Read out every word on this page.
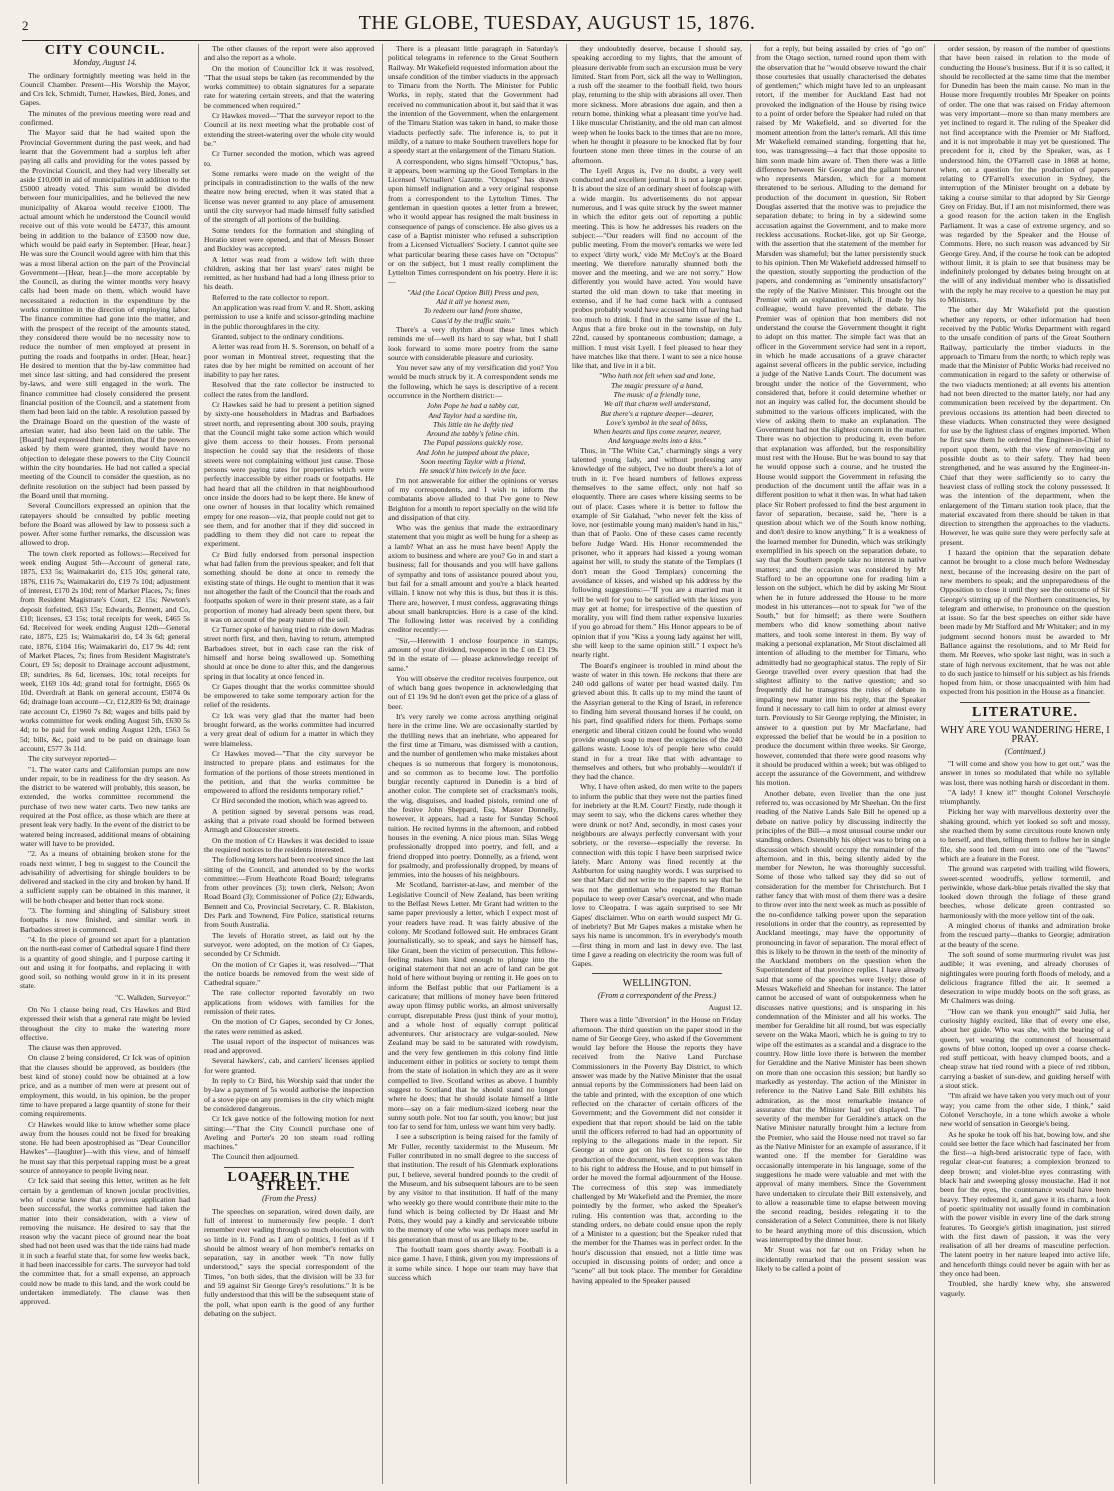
2	THE GLOBE, TUESDAY, AUGUST 15, 1876.
CITY COUNCIL.
Monday, August 14.

The ordinary fortnightly meeting was held in the Council Chamber. Present—His Worship the Mayor, and Crs Ick, Schmidt, Turner, Hawkes, Bird, Jones, and Gapes.

The minutes of the previous meeting were read and confirmed.

The Mayor said that he had waited upon the Provincial Government during the past week, and had learnt that the Government had a surplus left after paying all calls and providing for the votes passed by the Provincial Council, and they had very liberally set aside £10,000 in aid of municipalities in addition to the £5000 already voted. This sum would be divided between four municipalities, and he believed the new municipality of Akaroa would receive £1000. The actual amount which he understood the Council would receive out of this vote would be £4737, this amount being in addition to the balance of £3500 now due, which would be paid early in September. [Hear, hear.] He was sure the Council would agree with him that this was a most liberal action on the part of the Provincial Government—[Hear, hear.]—the more acceptable by the Council, as during the winter months very heavy calls had been made on them, which would have necessitated a reduction in the expenditure by the works committee in the direction of employing labor. The finance committee had gone into the matter, and with the prospect of the receipt of the amounts stated, they considered there would be no necessity now to reduce the number of men employed at present in putting the roads and footpaths in order. [Hear, hear.] He desired to mention that the by-law committee had met since last sitting, and had considered the present by-laws, and were still engaged in the work. The finance committee had closely considered the present financial position of the Council, and a statement from them had been laid on the table. A resolution passed by the Drainage Board on the question of the waste of artesian water, had also been laid on the table. The [Board] had expressed their intention, that if the powers asked by them were granted, they would have no objection to delegate these powers to the City Council within the city boundaries. He had not called a special meeting of the Council to consider the question, as no definite resolution on the subject had been passed by the Board until that morning.

Several Councillors expressed an opinion that the ratepayers should be consulted by public meeting before the Board was allowed by law to possess such a power. After some further remarks, the discussion was allowed to drop.

The town clerk reported as follows:—Received for week ending August 5th—Account of general rate, 1875, £33 5s; Waimakariri do, £15 10s; general rate, 1876, £116 7s; Waimakariri do, £19 7s 10d; adjustment of interest, £170 2s 10d; rent of Market Places, 7s; fines from Resident Magistrate's Court, £2 15s; Newton's deposit forfeited, £63 15s; Edwards, Bennett, and Co, £10; licenses, £3 15s; total receipts for week, £465 5s 6d. Received for week ending August 12th—General rate, 1875, £25 1s; Waimakariri do, £4 3s 6d; general rate, 1876, £104 16s; Waimakariri do, £17 9s 4d; rent of Market Places, 7s; fines from Resident Magistrate's Court, £9 5s; deposit to Drainage account adjustment, £8; sundries, 8s 6d, licenses, 10s; total receipts for week, £169 10s 4d; grand total for fortnight, £665 0s 10d. Overdraft at Bank on general account, £5074 0s 6d; drainage loan account—Cr, £12,839 6s 9d; drainage rate account Cr, £1960 7s 8d; wages and bills paid by works committee for week ending August 5th, £630 5s 4d; to be paid for week ending August 12th, £563 5s 5d; bills, &c, paid and to be paid on drainage loan account, £577 3s 11d.

The city surveyor reported—

"1. The water carts and Californian pumps are now under repair, to be in readiness for the dry season. As the district to be watered will probably, this season, be extended, the works committee recommend the purchase of two new water carts. Two new tanks are required at the Post office, as those which are there at present leak very badly. In the event of the district to be watered being increased, additional means of obtaining water will have to be provided.

"2. As a means of obtaining broken stone for the roads next winter, I beg to suggest to the Council the advisability of advertising for shingle boulders to be delivered and stacked in the city and broken by hand. If a sufficient supply can be obtained in this manner, it will be both cheaper and better than rock stone.

"3. The forming and shingling of Salisbury street footpaths is now finished, and similar work in Barbadoes street is commenced.

"4. In the piece of ground set apart for a plantation on the north-east corner of Cathedral square I find there is a quantity of good shingle, and I purpose carting it out and using it for footpaths, and replacing it with good soil, so nothing would grow in it in its present state.

"C. Walkden, Surveyor."

On No 1 clause being read, Crs Hawkes and Bird expressed their wish that a general rate might be levied throughout the city to make the watering more effective.

The clause was then approved.

On clause 2 being considered, Cr Ick was of opinion that the clauses should be approved, as boulders (the best kind of stone) could now be obtained at a low price, and as a number of men were at present out of employment, this would, in his opinion, be the proper time to have prepared a large quantity of stone for their coming requirements.

Cr Hawkes would like to know whether some place away from the houses could not be fixed for breaking stone. He had been apostrophised as "Dear Councillor Hawkes"—[laughter]—with this view, and of himself he must say that this perpetual rapping must be a great source of annoyance to people living near.

Cr Ick said that seeing this letter, written as he felt certain by a gentleman of known jocular proclivities, who of course knew that a previous application had been successful, the works committee had taken the matter into their consideration, with a view of removing the nuisance. He desired to say that the reason why the vacant piece of ground near the boat shed had not been used was that the tide rains had made it in such a fearful state that, for some few weeks back, it had been inaccessible for carts. The surveyor had told the committee that, for a small expense, an approach could now be made to this land, and the work could be undertaken immediately. The clause was then approved.

The other clauses of the report were also approved and also the report as a whole.

On the motion of Councillor Ick it was resolved, "That the usual steps be taken (as recommended by the works committee) to obtain signatures for a separate rate for watering certain streets, and that the watering be commenced when required."

Cr Hawkes moved—"That the surveyor report to the Council at its next meeting what the probable cost of extending the street-watering over the whole city would be."

Cr Turner seconded the motion, which was agreed to.

Some remarks were made on the weight of the principals in contradistinction to the walls of the new theatre now being erected, when it was stated that a license was never granted to any place of amusement until the city surveyor had made himself fully satisfied of the strength of all portions of the building.

Some tenders for the formation and shingling of Horatio street were opened, and that of Messrs Bosser and Buckley was accepted.

A letter was read from a widow left with three children, asking that her last years' rates might be remitted, as her husband had had a long illness prior to his death.

Referred to the rate collector to report.

An application was read from V. and R. Shott, asking permission to use a knife and scissor-grinding machine in the public thoroughfares in the city.

Granted, subject to the ordinary conditions.

A letter was read from H. S. Sorenson, on behalf of a poor woman in Montreal street, requesting that the rates due by her might be remitted on account of her inability to pay her rates.

Resolved that the rate collector be instructed to collect the rates from the landlord.

Cr Hawkes said he had to present a petition signed by sixty-one householders in Madras and Barbadoes street north, and representing about 300 souls, praying that the Council might take some action which would give them access to their houses. From personal inspection he could say that the residents of those streets were not complaining without just cause. Those persons were paying rates for properties which were perfectly inaccessible by either roads or footpaths. He had heard that all the children in that neighbourhood once inside the doors had to be kept there. He knew of one owner of houses in that locality which remained empty for one reason—viz, that people could not get to see them, and for another that if they did succeed in paddling to them they did not care to repeat the experiment.

Cr Bird fully endorsed from personal inspection what had fallen from the previous speaker, and felt that something should be done at once to remedy the existing state of things. He ought to mention that it was not altogether the fault of the Council that the roads and footpaths spoken of were in their present state, as a fair proportion of money had already been spent there, but it was on account of the peaty nature of the soil.

Cr Turner spoke of having tried to ride down Madras street north first, and then, having to return, attempted Barbadoes street, but in each case ran the risk of himself and horse being swallowed up. Something should at once be done to alter this, and the dangerous spring in that locality at once fenced in.

Cr Gapes thought that the works committee should be empowered to take some temporary action for the relief of the residents.

Cr Ick was very glad that the matter had been brought forward, as the works committee had incurred a very great deal of odium for a matter in which they were blameless.

Cr Hawkes moved—"That the city surveyor be instructed to prepare plans and estimates for the formation of the portions of those streets mentioned in the petition, and that the works committee be empowered to afford the residents temporary relief."

Cr Bird seconded the motion, which was agreed to.

A petition signed by several persons was read, asking that a private road should be formed between Armagh and Gloucester streets.

On the motion of Cr Hawkes it was decided to issue the required notices to the residents interested.

The following letters had been received since the last sitting of the Council, and attended to by the works committee:—From Heathcote Road Board; telegrams from other provinces (3); town clerk, Nelson; Avon Road Board (3); Commissioner of Police (2); Edwards, Bennett and Co, Provincial Secretary, C. R. Blakiston, Drs Park and Townend, Fire Police, statistical returns from South Australia.

The levels of Horatio street, as laid out by the surveyor, were adopted, on the motion of Cr Gapes, seconded by Cr Schmidt.

On the motion of Cr Gapes it, was resolved—"That the notice boards be removed from the west side of Cathedral square."

The rate collector reported favorably on two applications from widows with families for the remission of their rates.

On the motion of Cr Gapes, seconded by Cr Jones, the rates were remitted as asked.

The usual report of the inspector of nuisances was read and approved.

Several hawkers', cab, and carriers' licenses applied for were granted.

In reply to Cr Bird, his Worship said that under the by-law a payment of 5s would authorise the inspection of a stove pipe on any premises in the city which might be considered dangerous.

Cr Ick gave notice of the following motion for next sitting:—"That the City Council purchase one of Aveling and Porter's 20 ton steam road rolling machines."

The Council then adjourned.

LOAFER IN THE STREET.
(From the Press)

The speeches on separation, wired down daily, are full of interest to numerously few people. I don't remember ever wading through so much elocution with so little in it. Fond as I am of politics, I feel as if I should be almost weary of hon member's remarks on separation, say in another week "I'n now fully understood," says the special correspondent of the Times, "on both sides, that the division will be 33 for and 59 against Sir George Grey's resolutions." It is be fully understood that this will be the subsequent state of the poll, what upon earth is the good of any further debating on the subject.

There is a pleasant little paragraph in Saturday's political telegrams in reference to the Great Southern Railway. Mr Wakefield requested information about the unsafe condition of the timber viaducts in the approach to Timaru from the North. The Minister for Public Works, in reply, stated that the Government had received no communication about it, but said that it was the intention of the Government, when the enlargement of the Timaru Station was taken in hand, to make those viaducts perfectly safe. The inference is, to put it mildly, of a nature to make Southern travellers hope for a speedy start at the enlargement of the Timaru Station.

A correspondent, who signs himself "Octopus," has, it appears, been warming up the Good Templars in the Licensed Victuallers' Gazette. "Octopus" has drawn upon himself indignation and a very original response from a correspondent to the Lyttelton Times. The gentleman in question quotes a letter from a brewer, who it would appear has resigned the malt business in consequence of pangs of conscience. He also gives us a case of a Baptist minister who refused a subscription from a Licensed Victuallers' Society. I cannot quite see what particular bearing these cases have on "Octopus" or on the subject, but I must really compliment the Lyttelton Times correspondent on his poetry. Here it is:—

"Aid (the Local Option Bill) Press and pen,

Aid it all ye honest men,

To redeem our land from shame,

Caus'd by the traffic stain."

There's a very rhythm about these lines which reminds me of—well its hard to say what, but I shall look forward to some more poetry from the same source with considerable pleasure and curiosity.

You never saw any of my versification did you? You would be much struck by it. A correspondent sends me the following, which he says is descriptive of a recent occurrence in the Northern district:—

John Pope he had a tabby cat,

And Taylor had a sardine tin,

This little tin he deftly tied

Around the tabby's feline chin.

The Papal passions quickly rose,

And John he jumped about the place,

Soon meeting Taylor with a friend,

He smack'd him twicely in the face.

I'm not answerable for either the opinions or verses of my correspondents, and I wish to inform the combatants above alluded to that I've gone to New Brighton for a month to report specially on the wild life and dissipation of that city.

Who was the genius that made the extraordinary statement that you might as well be hung for a sheep as a lamb? What an ass he must have been! Apply the axiom to business and where are you? Go in and start a business; fail for thousands and you will have gallons of sympathy and tons of assistance poured about you, but fail for a small amount and you're a black hearted villain. I know not why this is thus, but thus it is this. There are, however, I must confess, aggravating things about small bankruptcies. Here is a case of the kind. The following letter was received by a confiding creditor recently:—

"Sir,—Herewith I enclose fourpence in stamps, amount of your dividend, twopence in the £ on £1 19s 9d in the estate of — please acknowledge receipt of same."

You will observe the creditor receives fourpence, out of which bang goes twopence in acknowledging that out of £1 19s 9d he don't even get the price of a glass of beer.

It's very rarely we come across anything original here in the crime line. We are occasionally startled by the thrilling news that an inebriate, who appeared for the first time at Timaru, was dismissed with a caution, and the number of gentlemen who make mistakes about cheques is so numerous that forgery is monotonous, and so common as to become low. The portfolio burglar recently captured in Dunedin is a bird of another color. The complete set of cracksman's tools, the wig, disguises, and loaded pistols, remind one of the festive John Sheppard, Esq. Master Donnelly, however, it appears, had a taste for Sunday School tuition. He recited hymns in the afternoon, and robbed houses in the evening. A nice pious man. Silas Wegg professionally dropped into poetry, and fell, and a friend dropped into poetry. Donnelly, as a friend, went for psalmody, and professionally dropped, by means of jemmies, into the houses of his neighbours.

Mr Scotland, barrister-at-law, and member of the Legislative Council of New Zealand, has been writing to the Belfast News Letter. Mr Grant had written to the same paper previously a letter, which I expect most of your readers have read. It was fairly abusive of the colony. Mr Scotland followed suit. He embraces Grant journalistically, so to speak, and says he himself has, like Grant, been the victim of persecution. This fellow-feeling makes him kind enough to plunge into the original statement that not an acre of land can be got hold of here without buying or renting it. He goes on to inform the Belfast public that our Parliament is a caricature; that millions of money have been frittered away upon flimsy public works, an almost universally corrupt, disreputable Press (just think of your motto), and a whole host of equally corrupt political adventurers. Our aristocracy are vulgar-souled. New Zealand may be said to be saturated with rowdyism, and the very few gentlemen in this colony find little inducement either in politics or society to tempt them from the state of isolation in which they are as it were compelled to live. Scotland writes as above. I humbly suggest to Scotland that he should stand no longer where he does; that he should isolate himself a little more—say on a fair medium-sized iceberg near the sunny south pole. Not too far south, you know; but just too far to send for him, unless we want him very badly.

I see a subscription is being raised for the family of Mr Fuller, recently taxidermist to the Museum. Mr Fuller contributed in no small degree to the success of that institution. The result of his Glenmark explorations put, I believe, several hundred pounds to the credit of the Museum, and his subsequent labours are to be seen by any visitor to that institution. If half of the many who weekly go there would contribute their mite to the fund which is being collected by Dr Haast and Mr Potts, they would pay a kindly and serviceable tribute to the memory of one who was perhaps more useful in his generation than most of us are likely to be.

The football team goes shortly away. Football is a nice game. I have, I think, given you my impressions of it some while since. I hope our team may have that success which

they undoubtedly deserve, because I should say, speaking according to my lights, that the amount of pleasure derivable from such an excursion must be very limited. Start from Port, sick all the way to Wellington, a rush off the steamer to the football field, two hours play, returning to the ship with abrasions all over. Then more sickness. More abrasions due again, and then a return home, thinking what a pleasant time you've had. I like muscular Christianity, and the old man can almost weep when he looks back to the times that are no more, when he thought it pleasure to be knocked flat by four fourteen stone men three times in the course of an afternoon.

The Lyell Argus is, I've no doubt, a very well conducted and excellent journal. It is not a large paper. It is about the size of an ordinary sheet of foolscap with a wide margin. Its advertisements do not appear numerous, and I was quite struck by the sweet manner in which the editor gets out of reporting a public meeting. This is how he addresses his readers on the subject:—"Our readers will find no account of the public meeting. From the mover's remarks we were led to expect 'dirty work,' vide Mr McCoy's at the Board meeting. We therefore naturally shunned both the mover and the meeting, and we are not sorry." How differently you would have acted. You would have started the old man down to take that meeting in extenso, and if he had come back with a contused probos probably would have accused him of having had too much to drink. I find in the same issue of the L. Argus that a fire broke out in the township, on July 22nd, caused by spontaneous combustion; damage, a million. I must visit Lyell. I feel pleased to hear they have matches like that there. I want to see a nice house like that, and live in it a bit.

"Who hath not felt when sad and lone,

The magic pressure of a hand,

The music of a friendly tone,

We all that charm well understand,

But there's a rapture deeper—dearer,

Love's symbol in the seal of bliss,

When hearts and lips come nearer, nearer,

And language melts into a kiss."

Thus, in "The White Cat," charmingly sings a very talented young lady, and without professing any knowledge of the subject, I've no doubt there's a lot of truth in it. I've heard numbers of fellows express themselves to the same effect, only not half so eloquently. There are cases where kissing seems to be out of place. Cases where it is better to follow the example of Sir Galahad, "who never felt the kiss of love, nor (estimable young man) maiden's hand in his," than that of Paolo. One of these cases came recently before Judge Ward. His Honor recommended the prisoner, who it appears had kissed a young woman against her will, to study the statute of the Templars (I don't mean the Good Templars) concerning the avoidance of kisses, and wished up his address by the following suggestions:—"If you are a married man it will be well for you to be satisfied with the kisses you may get at home; for irrespective of the question of morality, you will find them rather expensive luxuries if you go abroad for them." His Honor appears to be of opinion that if you "Kiss a young lady against her will, she will keep to the same opinion still." I expect he's nearly right.

The Board's engineer is troubled in mind about the waste of water in this town. He reckons that there are 240 odd gallons of water per head wasted daily. I'm grieved about this. It calls up to my mind the taunt of the Assyrian general to the King of Israel, in reference to finding him several thousand horses if he could, on his part, find qualified riders for them. Perhaps some energetic and liberal citizen could be found who would provide enough soap to meet the exigencies of the 240 gallons waste. Loose lo's of people here who could stand in for a treat like that with advantage to themselves and others, but who probably—wouldn't if they had the chance.

Why, I have often asked, do men write to the papers to inform the public that they were not the parties fined for inebriety at the R.M. Court? Firstly, rude though it may seem to say, who the dickens cares whether they were drunk or not? And, secondly, in most cases your neighbours are always perfectly conversant with your sobriety, or the reverse—especially the reverse. In connection with this topic I have been surprised twice lately. Marc Antony was fined recently at the Ashburton for using naughty words. I was surprised to see that Marc did not write to the papers to say that he was not the gentleman who requested the Roman populace to weep over Cæsar's overcoat, and who made love to Cleopatra. I was again surprised to see Mr Gapes' disclaimer. Who on earth would suspect Mr G. of inebriety? But Mr Gapes makes a mistake when he says his name is uncommon. It's in everybody's mouth—first thing in morn and last in dewy eve. The last time I gave a reading on electricity the room was full of Gapes.

WELLINGTON.
(From a correspondent of the Press.)
August 12.

There was a little "diversion" in the House on Friday afternoon. The third question on the paper stood in the name of Sir George Grey, who asked if the Government would lay before the House the reports they have received from the Native Land Purchase Commissioners in the Poverty Bay District, to which answer was made by the Native Minister that the usual annual reports by the Commissioners had been laid on the table and printed, with the exception of one which reflected on the character of certain officers of the Government; and the Government did not consider it expedient that that report should be laid on the table until the officers referred to had had an opportunity of replying to the allegations made in the report. Sir George at once got on his feet to press for the production of the document, when exception was taken to his right to address the House, and to put himself in order he moved the formal adjournment of the House. The correctness of this step was immediately challenged by Mr Wakefield and the Premier, the more pointedly by the former, who asked the Speaker's ruling. His contention was that, according to the standing orders, no debate could ensue upon the reply of a Minister to a question; but the Speaker ruled that the member for the Thames was in perfect order. In the hour's discussion that ensued, not a little time was occupied in discussing points of order; and once a "scene" all but took place. The member for Geraldine having appealed to the Speaker paused

for a reply, but being assailed by cries of "go on" from the Otago section, turned round upon them with the observation that he "would observe toward the chair those courtesies that usually characterised the debates of gentlemen;" which might have led to an unpleasant retort, if the member for Auckland East had not provoked the indignation of the House by rising twice to a point of order before the Speaker had ruled on that raised by Mr Wakefield, and so diverted for the moment attention from the latter's remark. All this time Mr Wakefield remained standing, forgetting that he, too, was transgressing—a fact that those opposite to him soon made him aware of. Then there was a little difference between Sir George and the gallant baronet who represents Marsden, which for a moment threatened to be serious. Alluding to the demand for production of the document in question, Sir Robert Douglas asserted that the motive was to prejudice the separation debate; to bring in by a sidewind some accusation against the Government, and to make more reckless accusations. Rocket-like, got up Sir George, with the assertion that the statement of the member for Marsden was shameful; but the latter persistently stuck to his opinion. Then Mr Wakefield addressed himself to the question, stoutly supporting the production of the papers, and condemning as "eminently unsatisfactory" the reply of the Native Minister. This brought out the Premier with an explanation, which, if made by his colleague, would have prevented the debate. The Premier was of opinion that hon members did not understand the course the Government thought it right to adopt on this matter. The simple fact was that an officer in the Government service had sent in a report, in which he made accusations of a grave character against several officers in the public service, including a judge of the Native Lands Court. The document was brought under the notice of the Government, who considered that, before it could determine whether or not an inquiry was called for, the document should be submitted to the various officers implicated, with the view of asking them to make an explanation. The Government had not the slightest concern in the matter. There was no objection to producing it, even before that explanation was afforded, but the responsibility must rest with the House. But he was bound to say that he would oppose such a course, and he trusted the House would support the Government in refusing the production of the document until the affair was in a different position to what it then was. In what had taken place Sir Robert professed to find the best argument in favor of separation, because, said he, "here is a question about which we of the South know nothing, and don't desire to know anything." It is a weakness of the learned member for Dunedin, which was strikingly exemplified in his speech on the separation debate, to say that the Southern people take no interest in native matters; and the occasion was considered by Mr Stafford to be an opportune one for reading him a lesson on the subject, which he did by asking Mr Stout when he in future addressed the House to be more modest in his utterances—not to speak for "we of the South," but for himself; as there were Southern members who did know something about native matters, and took some interest in them. By way of making a personal explanation, Mr Stout disclaimed all intention of alluding to the member for Timaru, who admittedly had no geographical status. The reply of Sir George travelled over every question that had the slightest affinity to the native question; and so frequently did he transgress the rules of debate in impaling new matter into his reply, that the Speaker found it necessary to call him to order at almost every turn. Previously to Sir George replying, the Minister, in answer to a question put by Mr Macfarlane, had expressed the belief that he would be in a position to produce the document within three weeks. Sir George, however, contended that there were good reasons why it should be produced within a week; but was obliged to accept the assurance of the Government, and withdrew his motion.

Another debate, even livelier than the one just referred to, was occasioned by Mr Sheehan. On the first reading of the Native Lands Sale Bill he opened up a debate on native policy by discussing indirectly the principles of the Bill—a most unusual course under our standing orders. Ostensibly his object was to bring on a discussion which should occupy the remainder of the afternoon, and in this, being silently aided by the member for Newton, he was thoroughly successful. Some of those who talked say they did so out of consideration for the member for Christchurch. But I rather fancy that with most of them there was a desire to throw over into the next week as much as possible of the no-confidence talking power upon the separation resolutions in order that the country, as represented by Auckland meetings, may have the opportunity of pronouncing in favor of separation. The moral effect of this is likely to be thrown in the teeth of the minority of the Auckland members on the question when the Superintendent of that province replies. I have already said that some of the speeches were lively; those of Messrs Wakefield and Sheehan for instance. The latter cannot be accused of want of outspokenness when he discusses native questions; and is unsparing in his condemnation of the Minister and all his works. The member for Geraldine hit all round, but was especially severe on the Waka Maori, which he is going to try to wipe off the estimates as a scandal and a disgrace to the country. How little love there is between the member for Geraldine and the Native Minister has been shown on more than one occasion this session; but hardly so markedly as yesterday. The action of the Minister in reference to the Native Land Sale Bill exhibits his admiration, as the most remarkable instance of assurance that the Minister had yet displayed. The severity of the member for Geraldine's attack on the Native Minister naturally brought him a lecture from the Premier, who said the House need not travel so far as the Native Minister for an example of assurance, if it wanted one. If the member for Geraldine was occasionally intemperate in his language, some of the suggestions he made were valuable and met with the approval of many members. Since the Government have undertaken to circulate their Bill extensively, and to allow a reasonable time to elapse between moving the second reading, besides relegating it to the consideration of a Select Committee, there is not likely to be heard anything more of this discussion, which was interrupted by the dinner hour.

Mr Stout was not far out on Friday when he incidentally remarked that the present session was likely to be called a point of

order session, by reason of the number of questions that have been raised in relation to the mode of conducting the House's business. But if it is so called, it should be recollected at the same time that the member for Dunedin has been the main cause. No man in the House more frequently troubles Mr Speaker on points of order. The one that was raised on Friday afternoon was very important—more so than many members are yet inclined to regard it. The ruling of the Speaker did not find acceptance with the Premier or Mr Stafford, and it is not improbable it may yet be questioned. The precedent for it, cited by the Speaker, was, as I understood him, the O'Farrell case in 1868 at home, when, on a question for the production of papers relating to O'Farrell's execution in Sydney, the interruption of the Minister brought on a debate by taking a course similar to that adopted by Sir George Grey on Friday. But, if I am not misinformed, there was a good reason for the action taken in the English Parliament. It was a case of extreme urgency, and so was regarded by the Speaker and the House of Commons. Here, no such reason was advanced by Sir George Grey. And, if the course he took can be adopted without limit, it is plain to see that business may be indefinitely prolonged by debates being brought on at the will of any individual member who is dissatisfied with the reply he may receive to a question he may put to Ministers.

The other day Mr Wakefield put the question whether any reports, or other information had been received by the Public Works Department with regard to the unsafe condition of parts of the Great Southern Railway, particularly the timber viaducts in the approach to Timaru from the north; to which reply was made that the Minister of Public Works had received no communication in regard to the safety or otherwise of the two viaducts mentioned; at all events his attention had not been directed to the matter lately, nor had any communication been received by the department. On previous occasions its attention had been directed to these viaducts. When constructed they were designed for use by the lightest class of engines imported. When he first saw them he ordered the Engineer-in-Chief to report upon them, with the view of removing any possible doubt as to their safety. They had been strengthened, and he was assured by the Engineer-in-Chief that they were sufficiently so to carry the heaviest class of rolling stock the colony possessed. It was the intention of the department, when the enlargement of the Timaru station took place, that the material excavated from there should be taken in that direction to strengthen the approaches to the viaducts. However, he was quite sure they were perfectly safe at present.

I hazard the opinion that the separation debate cannot be brought to a close much before Wednesday next, because of the increasing desire on the part of new members to speak; and the unpreparedness of the Opposition to close it until they see the outcome of Sir George's stirring up of the Northern constituencies, by telegram and otherwise, to pronounce on the question at issue. So far the best speeches on either side have been made by Mr Stafford and Mr Whitaker; and in my judgment second honors must be awarded to Mr Ballance against the resolutions, and to Mr Reid for them. Mr Reeves, who spoke last night, was in such a state of high nervous excitement, that he was not able to do such justice to himself or his subject as his friends hoped from him, or those unacquainted with him had expected from his position in the House as a financier.

LITERATURE.
WHY ARE YOU WANDERING HERE, I PRAY.
(Continued.)

"I will come and show you how to get out," was the answer in tones so modulated that while no syllable was lost, there was nothing harsh or discordant in them.

"A lady! I knew it!" thought Colonel Verschoyle triumphantly.

Picking her way with marvellous dexterity over the shaking ground, which yet looked so soft and mossy, she reached them by some circuitous route known only to herself, and then, telling them to follow her in single file, she soon led them out into one of the "lawns" which are a feature in the Forest.

The ground was carpeted with trailing wild flowers, sweet-scented woodruffs, yellow tormentil, and periwinkle, whose dark-blue petals rivalled the sky that looked down through the foliage of these grand beeches, whose delicate green contrasted so harmoniously with the more yellow tint of the oak.

A mingled chorus of thanks and admiration broke from the rescued party—thanks to Georgie; admiration at the beauty of the scene.

The soft sound of some murmuring rivulet was just audible; it was evening, and already choruses of nightingales were pouring forth floods of melody, and a delicious fragrance filled the air. It seemed a desecration to wipe muddy boots on the soft grass, as Mr Chalmers was doing.

"How can we thank you enough?" said Julia, her curiosity highly excited, like that of every one else, about her guide. Who was she, with the bearing of a queen, yet wearing the commonest of housemaid gowns of blue cotton, looped up over a coarse check-red stuff petticoat, with heavy clumped boots, and a cheap straw hat tied round with a piece of red ribbon, carrying a basket of sun-dew, and guiding herself with a stout stick.

"I'm afraid we have taken you very much out of your way; you came from the other side, I think," said Colonel Verschoyle, in a tone which awoke a whole new world of sensation in Georgie's being.

As he spoke he took off his hat, bowing low, and she could see better the face which had fascinated her from the first—a high-bred aristocratic type of face, with regular clear-cut features; a complexion bronzed to deep brown; and violet-blue eyes contrasting with black hair and sweeping glossy moustache. Had it not been for the eyes, the countenance would have been heavy. They redeemed it, and gave it its charm, a look of poetic spirituality not usually found in combination with the power visible in every line of the dark strong features. To Georgie's girlish imagination, just stirred with the first dawn of passion, it was the very realisation of all her dreams of masculine perfection. The latent poetry in her nature leaped into active life, and henceforth things could never be again with her as they once had been.

Troubled, she hardly knew why, she answered vaguely.
